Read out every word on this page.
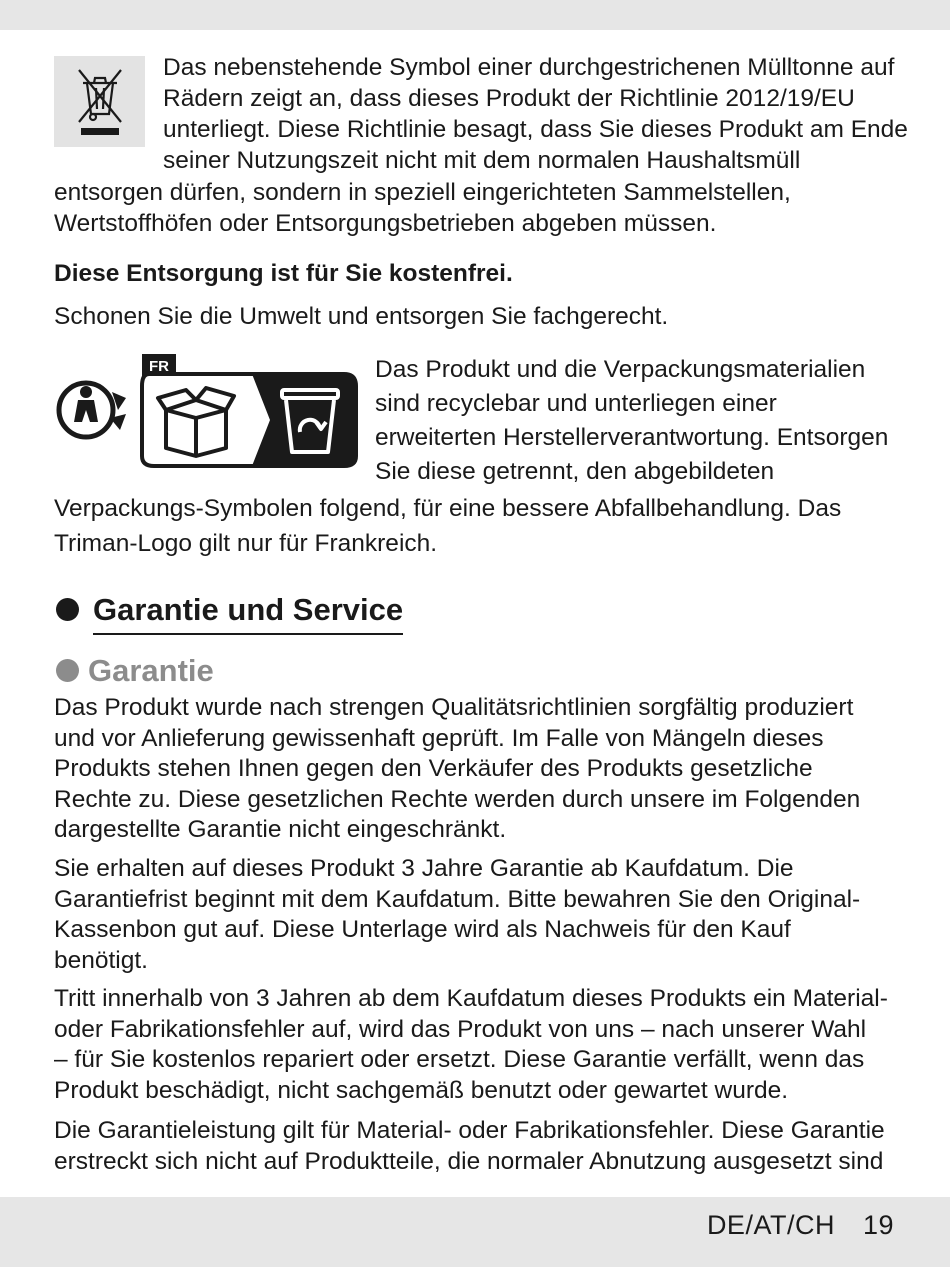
Das nebenstehende Symbol einer durchgestrichenen Mülltonne auf
Rädern zeigt an, dass dieses Produkt der Richtlinie 2012/19/EU
unterliegt. Diese Richtlinie besagt, dass Sie dieses Produkt am Ende
seiner Nutzungszeit nicht mit dem normalen Haushaltsmüll
entsorgen dürfen, sondern in speziell eingerichteten Sammelstellen,
Wertstoffhöfen oder Entsorgungsbetrieben abgeben müssen.
Diese Entsorgung ist für Sie kostenfrei.
Schonen Sie die Umwelt und entsorgen Sie fachgerecht.
FR	Das Produkt und die Verpackungsmaterialien
sind recyclebar und unterliegen einer
erweiterten Herstellerverantwortung. Entsorgen
Sie diese getrennt, den abgebildeten
Verpackungs-Symbolen folgend, für eine bessere Abfallbehandlung. Das
Triman-Logo gilt nur für Frankreich.
Garantie und Service
Garantie
Das Produkt wurde nach strengen Qualitätsrichtlinien sorgfältig produziert
und vor Anlieferung gewissenhaft geprüft. Im Falle von Mängeln dieses
Produkts stehen Ihnen gegen den Verkäufer des Produkts gesetzliche
Rechte zu. Diese gesetzlichen Rechte werden durch unsere im Folgenden
dargestellte Garantie nicht eingeschränkt.
Sie erhalten auf dieses Produkt 3 Jahre Garantie ab Kaufdatum. Die
Garantiefrist beginnt mit dem Kaufdatum. Bitte bewahren Sie den Original-
Kassenbon gut auf. Diese Unterlage wird als Nachweis für den Kauf
benötigt.
Tritt innerhalb von 3 Jahren ab dem Kaufdatum dieses Produkts ein Material-
oder Fabrikationsfehler auf, wird das Produkt von uns – nach unserer Wahl
– für Sie kostenlos repariert oder ersetzt. Diese Garantie verfällt, wenn das
Produkt beschädigt, nicht sachgemäß benutzt oder gewartet wurde.
Die Garantieleistung gilt für Material- oder Fabrikationsfehler. Diese Garantie
erstreckt sich nicht auf Produktteile, die normaler Abnutzung ausgesetzt sind
DE/AT/CH 19
